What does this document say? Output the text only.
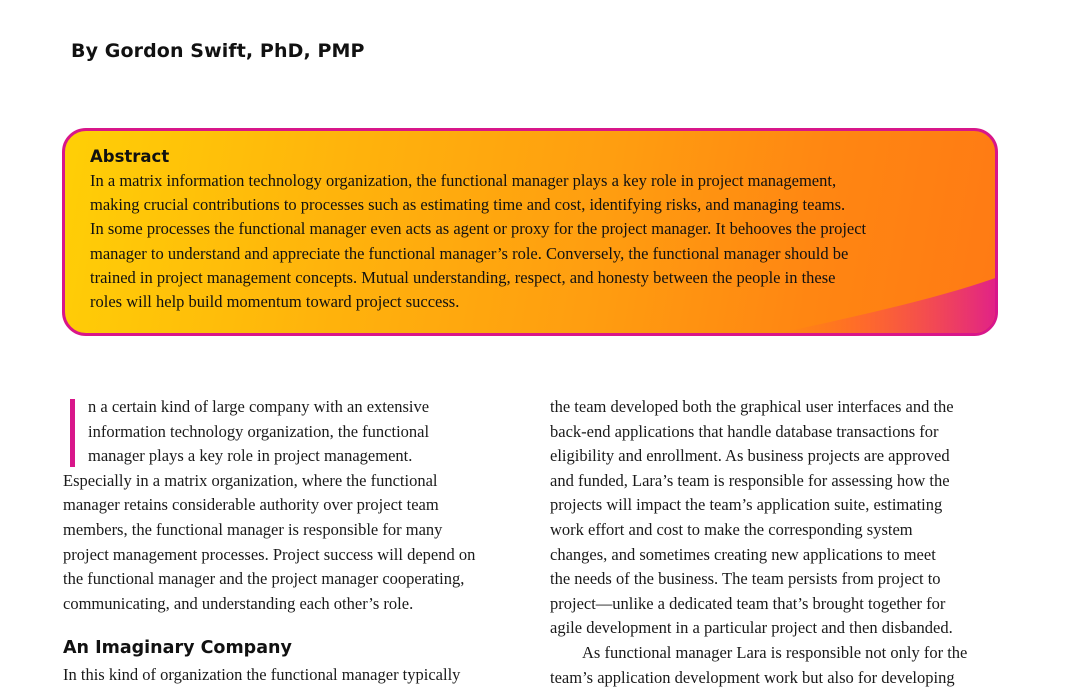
By Gordon Swift, PhD, PMP
Abstract
In a matrix information technology organization, the functional manager plays a key role in project management,
making crucial contributions to processes such as estimating time and cost, identifying risks, and managing teams.
In some processes the functional manager even acts as agent or proxy for the project manager. It behooves the project
manager to understand and appreciate the functional manager’s role. Conversely, the functional manager should be
trained in project management concepts. Mutual understanding, respect, and honesty between the people in these
roles will help build momentum toward project success.
n a certain kind of large company with an extensive
information technology organization, the functional
manager plays a key role in project management.
Especially in a matrix organization, where the functional
manager retains considerable authority over project team
members, the functional manager is responsible for many
project management processes. Project success will depend on
the functional manager and the project manager cooperating,
communicating, and understanding each other’s role.
An Imaginary Company
In this kind of organization the functional manager typically
the team developed both the graphical user interfaces and the
back-end applications that handle database transactions for
eligibility and enrollment. As business projects are approved
and funded, Lara’s team is responsible for assessing how the
projects will impact the team’s application suite, estimating
work effort and cost to make the corresponding system
changes, and sometimes creating new applications to meet
the needs of the business. The team persists from project to
project—unlike a dedicated team that’s brought together for
agile development in a particular project and then disbanded.
As functional manager Lara is responsible not only for the
team’s application development work but also for developing
